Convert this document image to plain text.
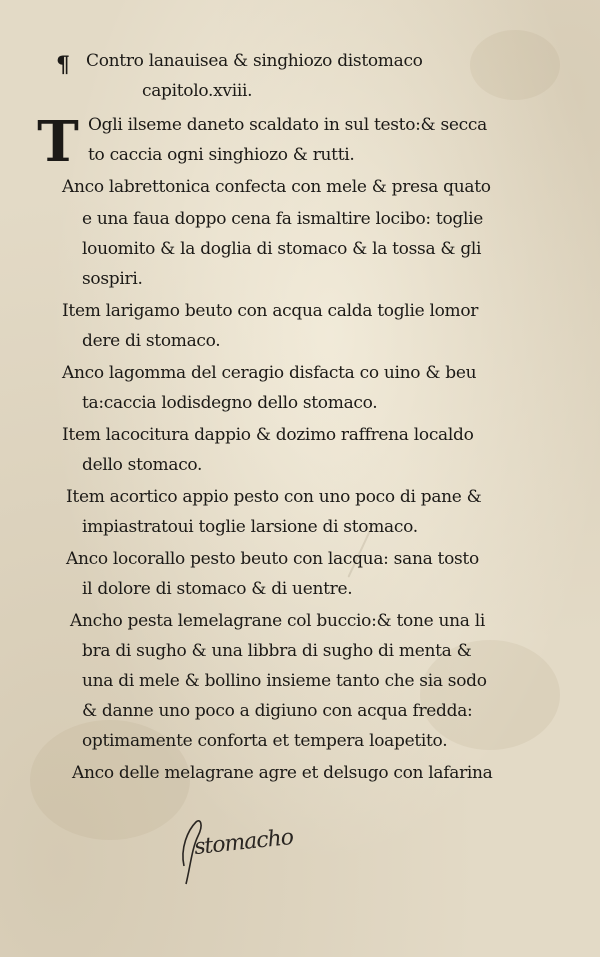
¶
T
Contro lanauisea & singhiozo distomaco
capitolo.xviii.
Ogli ilseme daneto scaldato in sul testo:& secca
to caccia ogni singhiozo & rutti.
Anco labrettonica confecta con mele & presa quato
e una faua doppo cena fa ismaltire locibo: toglie
louomito & la doglia di stomaco & la tossa & gli
sospiri.
Item larigamo beuto con acqua calda toglie lomor
dere di stomaco.
Anco lagomma del ceragio disfacta co uino & beu
ta:caccia lodisdegno dello stomaco.
Item lacocitura dappio & dozimo raffrena localdo
dello stomaco.
Item acortico appio pesto con uno poco di pane &
impiastratoui toglie larsione di stomaco.
Anco locorallo pesto beuto con lacqua: sana tosto
il dolore di stomaco & di uentre.
Ancho pesta lemelagrane col buccio:& tone una li
bra di sugho & una libbra di sugho di menta &
una di mele & bollino insieme tanto che sia sodo
& danne uno poco a digiuno con acqua fredda:
optimamente conforta et tempera loapetito.
Anco delle melagrane agre et delsugo con lafarina
stomacho
